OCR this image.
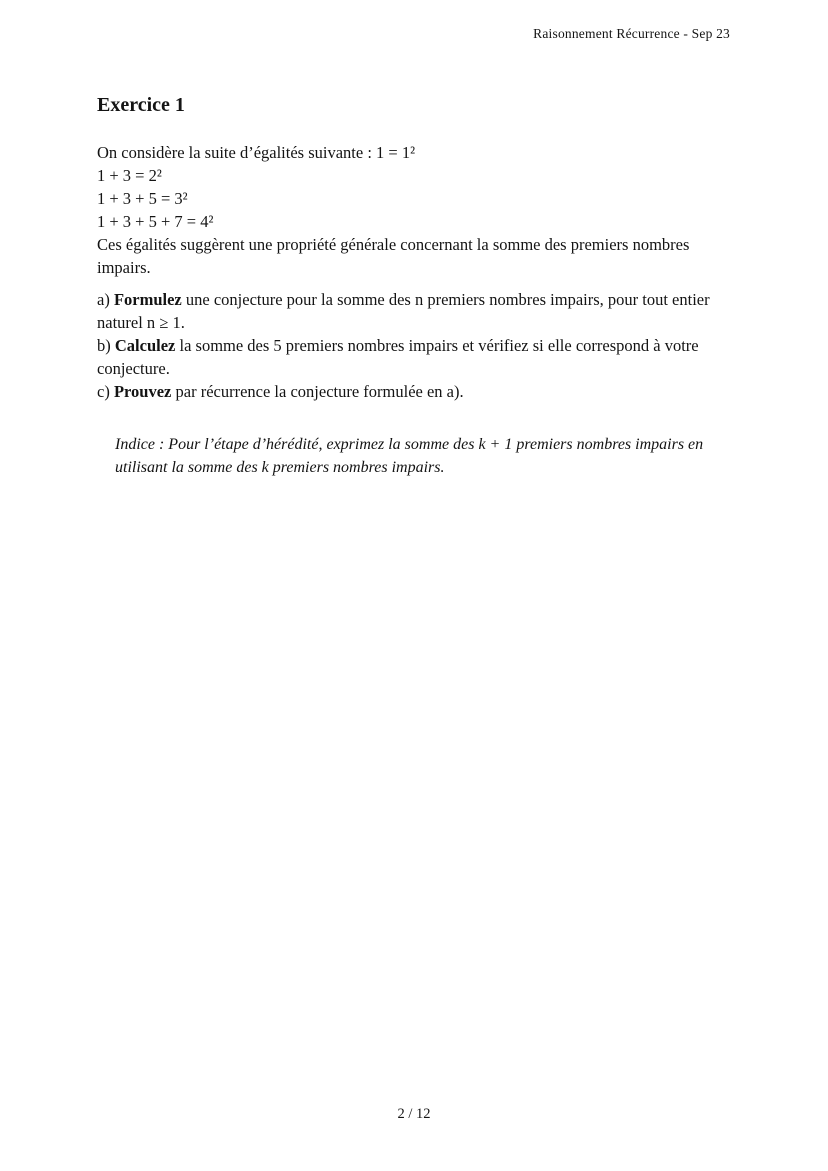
Raisonnement Récurrence - Sep 23
Exercice 1
On considère la suite d’égalités suivante : 1 = 1²
1 + 3 = 2²
1 + 3 + 5 = 3²
1 + 3 + 5 + 7 = 4²
Ces égalités suggèrent une propriété générale concernant la somme des premiers nombres impairs.
a) Formulez une conjecture pour la somme des n premiers nombres impairs, pour tout entier naturel n ≥ 1.
b) Calculez la somme des 5 premiers nombres impairs et vérifiez si elle correspond à votre conjecture.
c) Prouvez par récurrence la conjecture formulée en a).
Indice : Pour l’étape d’hérédité, exprimez la somme des k + 1 premiers nombres impairs en utilisant la somme des k premiers nombres impairs.
2 / 12
